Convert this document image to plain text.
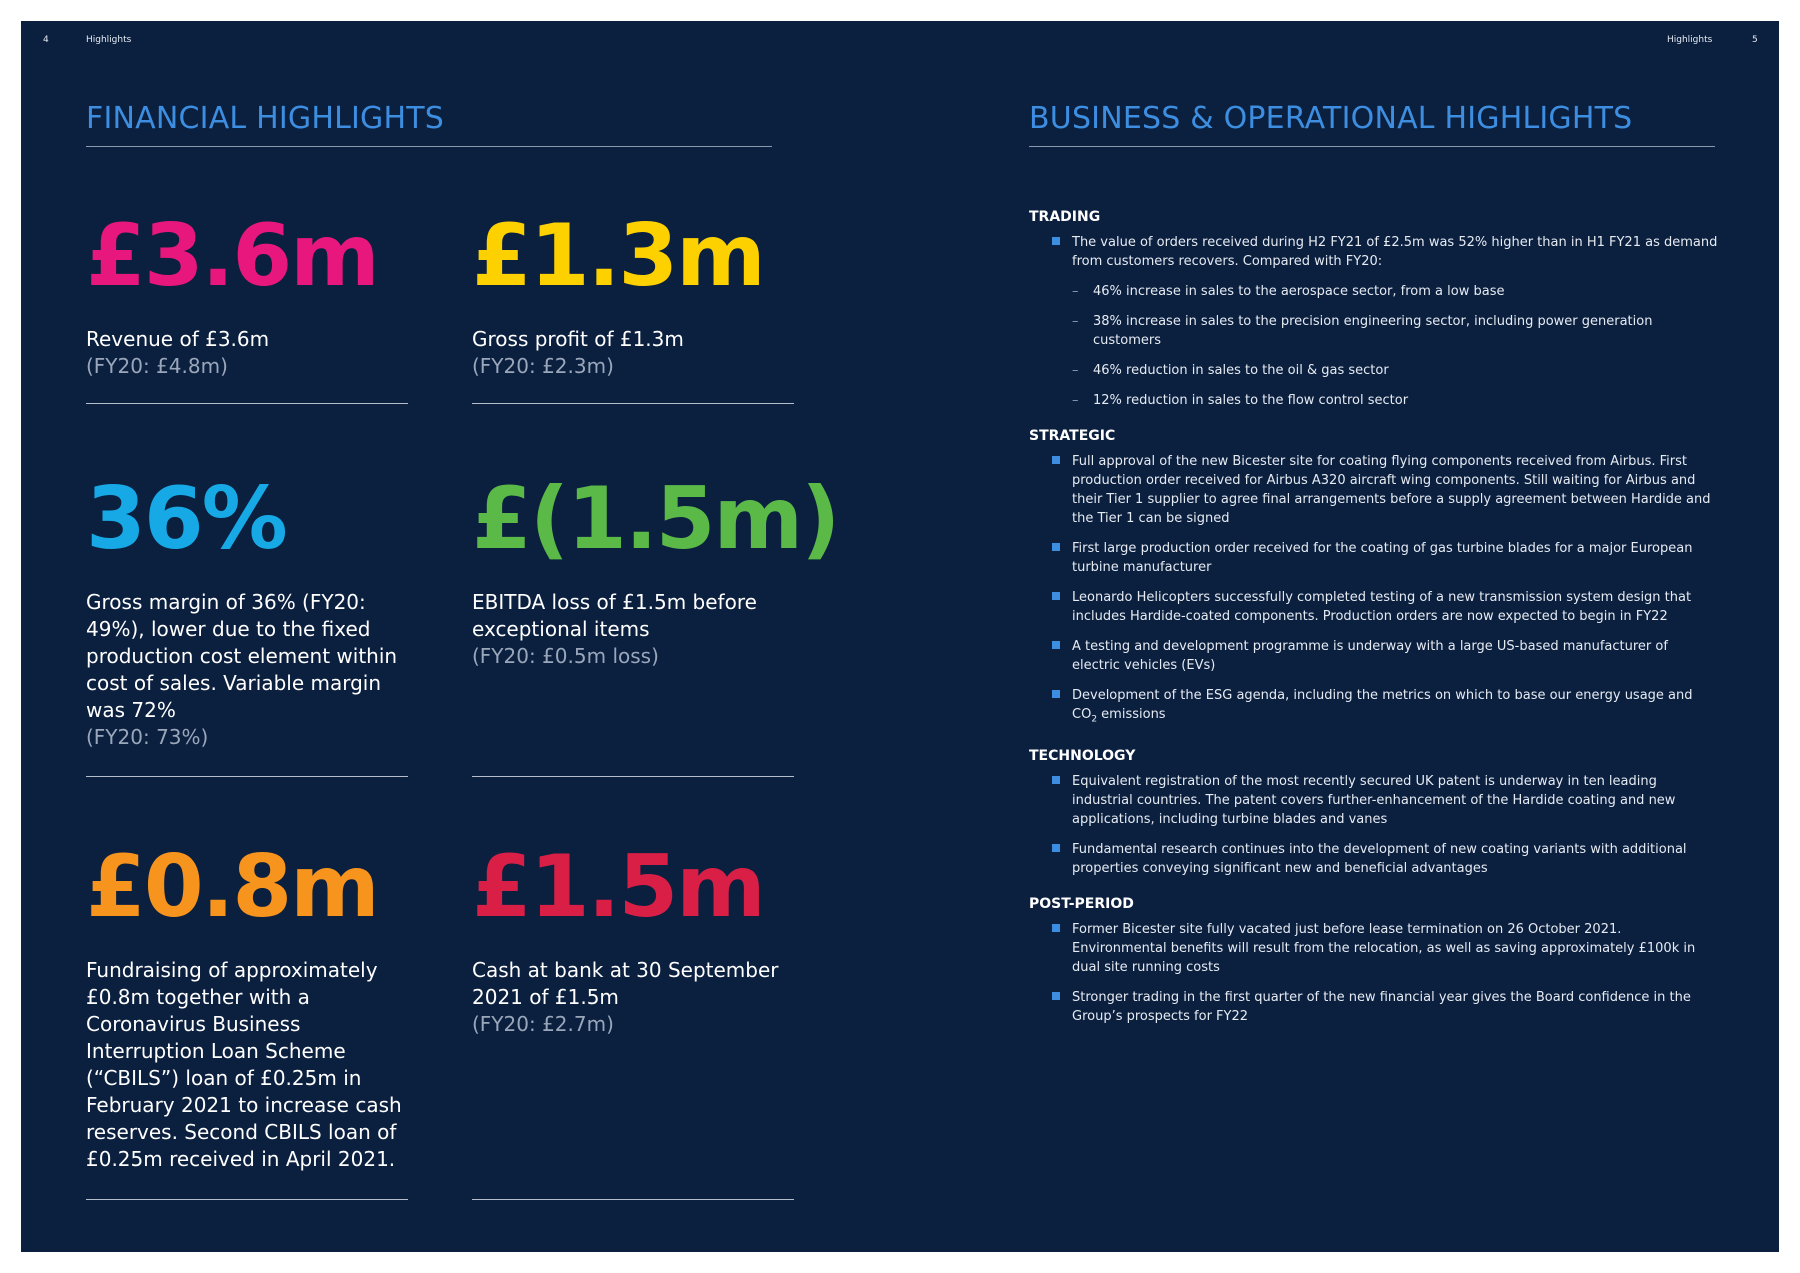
4	Highlights	Highlights	5
FINANCIAL HIGHLIGHTS	BUSINESS & OPERATIONAL HIGHLIGHTS
£3.6m
Revenue of £3.6m
(FY20: £4.8m)
£1.3m
Gross profit of £1.3m
(FY20: £2.3m)
36%
Gross margin of 36% (FY20: 49%), lower due to the fixed production cost element within cost of sales. Variable margin was 72%
(FY20: 73%)
£(1.5m)
EBITDA loss of £1.5m before exceptional items
(FY20: £0.5m loss)
£0.8m
Fundraising of approximately £0.8m together with a Coronavirus Business Interruption Loan Scheme (“CBILS”) loan of £0.25m in February 2021 to increase cash reserves. Second CBILS loan of £0.25m received in April 2021.
£1.5m
Cash at bank at 30 September 2021 of £1.5m
(FY20: £2.7m)
TRADING
The value of orders received during H2 FY21 of £2.5m was 52% higher than in H1 FY21 as demand from customers recovers. Compared with FY20:
– 46% increase in sales to the aerospace sector, from a low base
– 38% increase in sales to the precision engineering sector, including power generation customers
– 46% reduction in sales to the oil & gas sector
– 12% reduction in sales to the flow control sector
STRATEGIC
Full approval of the new Bicester site for coating flying components received from Airbus. First production order received for Airbus A320 aircraft wing components. Still waiting for Airbus and their Tier 1 supplier to agree final arrangements before a supply agreement between Hardide and the Tier 1 can be signed
First large production order received for the coating of gas turbine blades for a major European turbine manufacturer
Leonardo Helicopters successfully completed testing of a new transmission system design that includes Hardide-coated components. Production orders are now expected to begin in FY22
A testing and development programme is underway with a large US-based manufacturer of electric vehicles (EVs)
Development of the ESG agenda, including the metrics on which to base our energy usage and $CO_2$ emissions
TECHNOLOGY
Equivalent registration of the most recently secured UK patent is underway in ten leading industrial countries. The patent covers further-enhancement of the Hardide coating and new applications, including turbine blades and vanes
Fundamental research continues into the development of new coating variants with additional properties conveying significant new and beneficial advantages
POST-PERIOD
Former Bicester site fully vacated just before lease termination on 26 October 2021. Environmental benefits will result from the relocation, as well as saving approximately £100k in dual site running costs
Stronger trading in the first quarter of the new financial year gives the Board confidence in the Group’s prospects for FY22
